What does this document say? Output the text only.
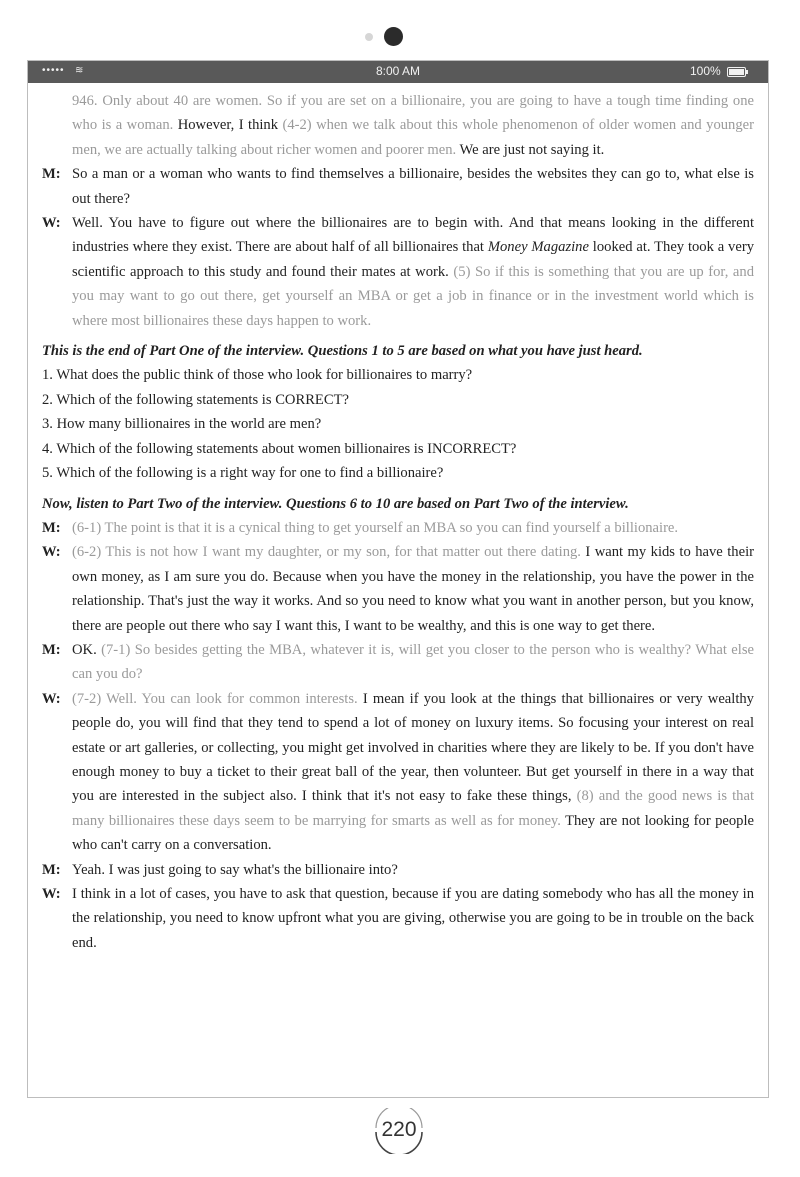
••••• ≋	8:00 AM	100%

946. Only about 40 are women. So if you are set on a billionaire, you are going to have a tough time finding one who is a woman. However, I think (4-2) when we talk about this whole phenomenon of older women and younger men, we are actually talking about richer women and poorer men. We are just not saying it.

M: So a man or a woman who wants to find themselves a billionaire, besides the websites they can go to, what else is out there?
W: Well. You have to figure out where the billionaires are to begin with. And that means looking in the different industries where they exist. There are about half of all billionaires that Money Magazine looked at. They took a very scientific approach to this study and found their mates at work. (5) So if this is something that you are up for, and you may want to go out there, get yourself an MBA or get a job in finance or in the investment world which is where most billionaires these days happen to work.

This is the end of Part One of the interview. Questions 1 to 5 are based on what you have just heard.

1. What does the public think of those who look for billionaires to marry?

2. Which of the following statements is CORRECT?

3. How many billionaires in the world are men?

4. Which of the following statements about women billionaires is INCORRECT?

5. Which of the following is a right way for one to find a billionaire?

Now, listen to Part Two of the interview. Questions 6 to 10 are based on Part Two of the interview.

M: (6-1) The point is that it is a cynical thing to get yourself an MBA so you can find yourself a billionaire.
W: (6-2) This is not how I want my daughter, or my son, for that matter out there dating. I want my kids to have their own money, as I am sure you do. Because when you have the money in the relationship, you have the power in the relationship. That's just the way it works. And so you need to know what you want in another person, but you know, there are people out there who say I want this, I want to be wealthy, and this is one way to get there.
M: OK. (7-1) So besides getting the MBA, whatever it is, will get you closer to the person who is wealthy? What else can you do?
W: (7-2) Well. You can look for common interests. I mean if you look at the things that billionaires or very wealthy people do, you will find that they tend to spend a lot of money on luxury items. So focusing your interest on real estate or art galleries, or collecting, you might get involved in charities where they are likely to be. If you don't have enough money to buy a ticket to their great ball of the year, then volunteer. But get yourself in there in a way that you are interested in the subject also. I think that it's not easy to fake these things, (8) and the good news is that many billionaires these days seem to be marrying for smarts as well as for money. They are not looking for people who can't carry on a conversation.
M: Yeah. I was just going to say what's the billionaire into?
W: I think in a lot of cases, you have to ask that question, because if you are dating somebody who has all the money in the relationship, you need to know upfront what you are giving, otherwise you are going to be in trouble on the back end.
220
